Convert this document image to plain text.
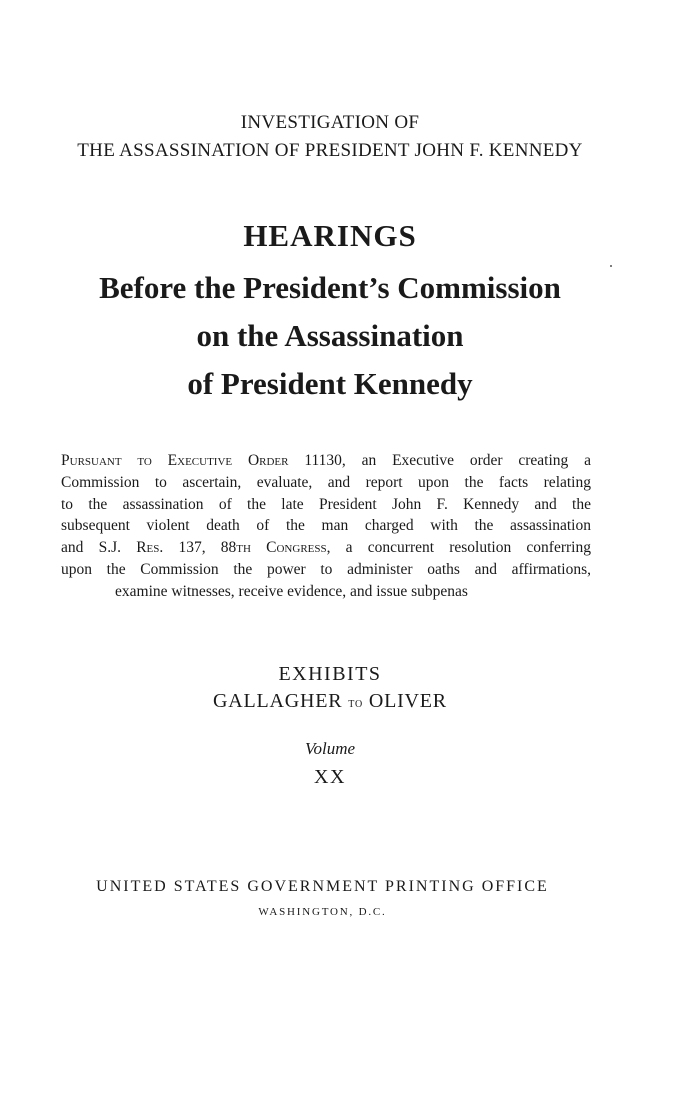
INVESTIGATION OF
THE ASSASSINATION OF PRESIDENT JOHN F. KENNEDY
HEARINGS
Before the President’s Commission
on the Assassination
of President Kennedy
Pursuant to Executive Order 11130, an Executive order creating a
Commission to ascertain, evaluate, and report upon the facts relating
to the assassination of the late President John F. Kennedy and the
subsequent violent death of the man charged with the assassination
and S.J. Res. 137, 88th Congress, a concurrent resolution conferring
upon the Commission the power to administer oaths and affirmations,
examine witnesses, receive evidence, and issue subpenas
EXHIBITS
GALLAGHER to OLIVER
Volume
XX
UNITED STATES GOVERNMENT PRINTING OFFICE
WASHINGTON, D.C.
